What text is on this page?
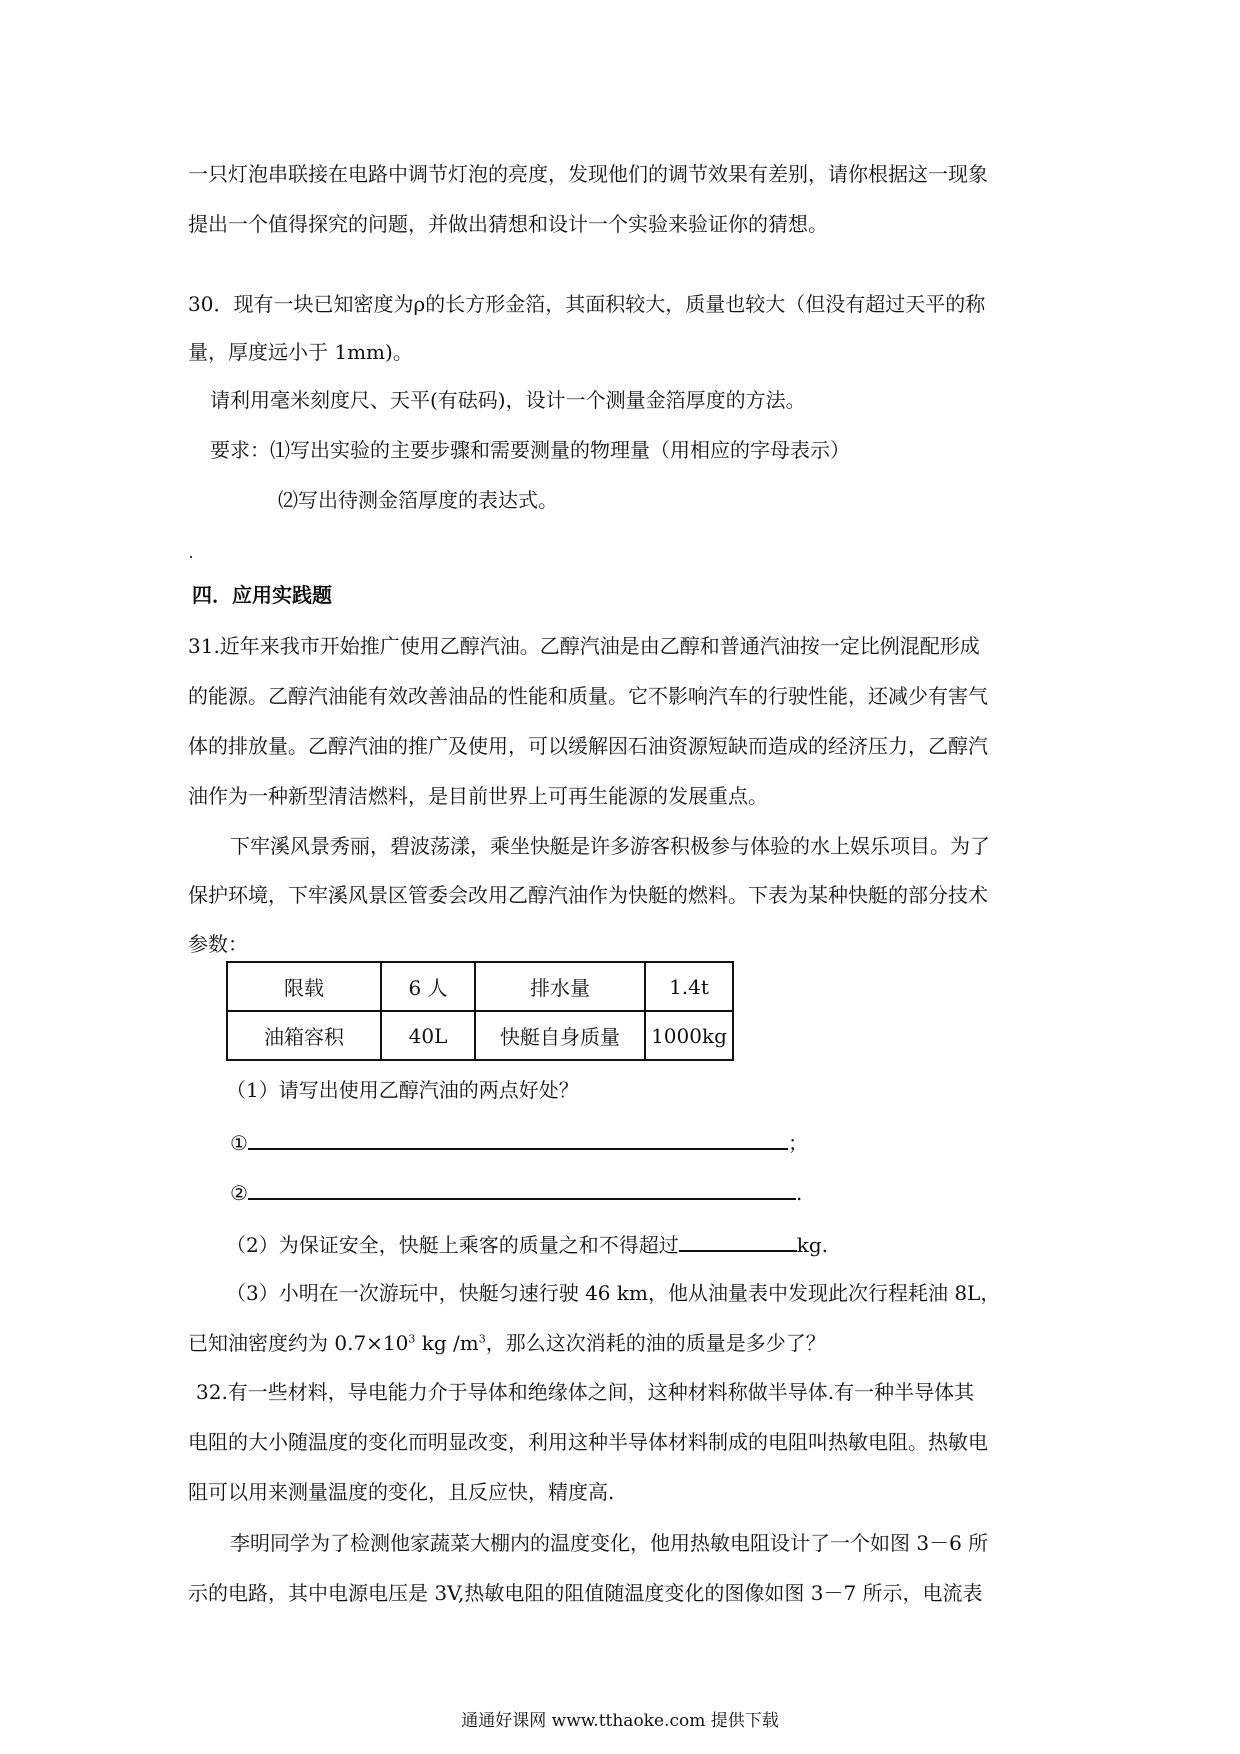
一只灯泡串联接在电路中调节灯泡的亮度，发现他们的调节效果有差别，请你根据这一现象
提出一个值得探究的问题，并做出猜想和设计一个实验来验证你的猜想。
30．现有一块已知密度为ρ的长方形金箔，其面积较大，质量也较大（但没有超过天平的称
量，厚度远小于 1mm)。
请利用毫米刻度尺、天平(有砝码)，设计一个测量金箔厚度的方法。
要求：⑴写出实验的主要步骤和需要测量的物理量（用相应的字母表示）
⑵写出待测金箔厚度的表达式。
四．应用实践题
31.近年来我市开始推广使用乙醇汽油。乙醇汽油是由乙醇和普通汽油按一定比例混配形成
的能源。乙醇汽油能有效改善油品的性能和质量。它不影响汽车的行驶性能，还减少有害气
体的排放量。乙醇汽油的推广及使用，可以缓解因石油资源短缺而造成的经济压力，乙醇汽
油作为一种新型清洁燃料，是目前世界上可再生能源的发展重点。
下牢溪风景秀丽，碧波荡漾，乘坐快艇是许多游客积极参与体验的水上娱乐项目。为了
保护环境，下牢溪风景区管委会改用乙醇汽油作为快艇的燃料。下表为某种快艇的部分技术
参数：
限载	6 人	排水量	1.4t
油箱容积	40L	快艇自身质量	1000kg
（1）请写出使用乙醇汽油的两点好处？
①	；
②	.
（2）为保证安全，快艇上乘客的质量之和不得超过	kg.
（3）小明在一次游玩中，快艇匀速行驶 46 km，他从油量表中发现此次行程耗油 8L，
已知油密度约为 $0.7\times 10^3$ kg $/m^3$，那么这次消耗的油的质量是多少了？
32.有一些材料，导电能力介于导体和绝缘体之间，这种材料称做半导体.有一种半导体其
电阻的大小随温度的变化而明显改变，利用这种半导体材料制成的电阻叫热敏电阻。热敏电
阻可以用来测量温度的变化，且反应快，精度高.
李明同学为了检测他家蔬菜大棚内的温度变化，他用热敏电阻设计了一个如图 3－6 所
示的电路，其中电源电压是 3V,热敏电阻的阻值随温度变化的图像如图 3－7 所示，电流表
通通好课网 www.tthaoke.com 提供下载
